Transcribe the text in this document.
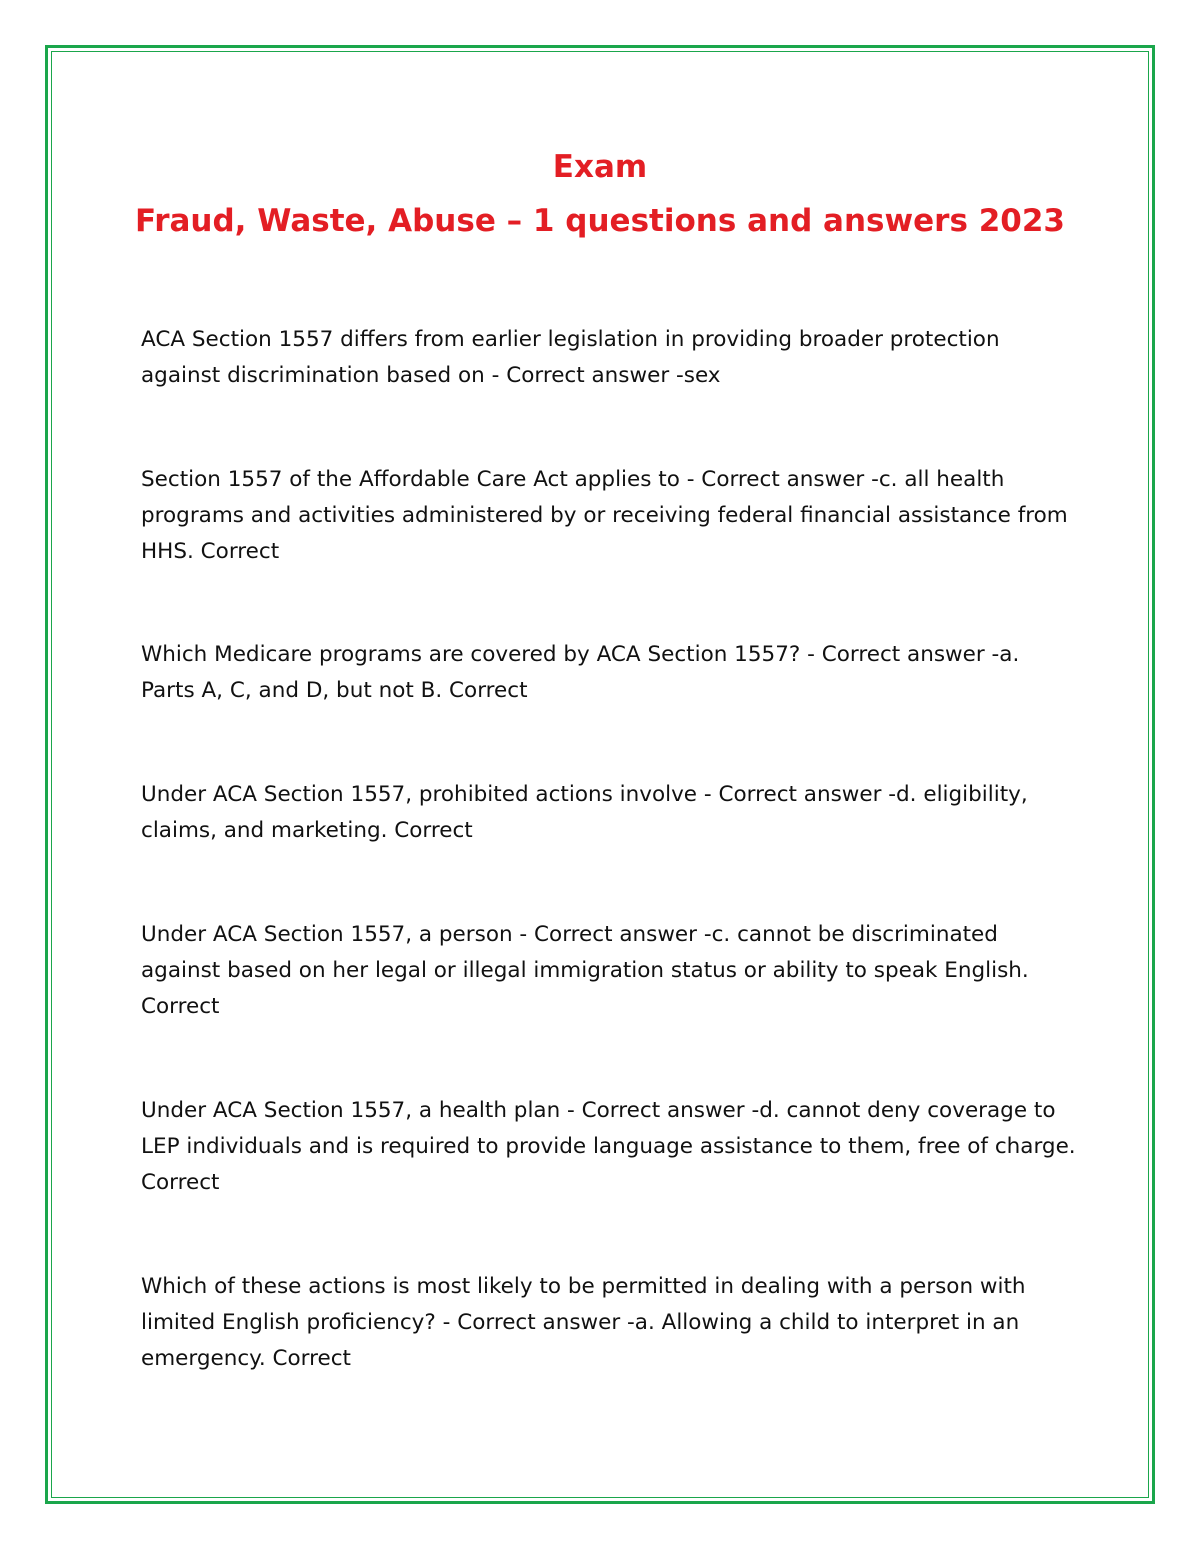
Exam
Fraud, Waste, Abuse – 1 questions and answers 2023

ACA Section 1557 differs from earlier legislation in providing broader protection against discrimination based on - Correct answer -sex

Section 1557 of the Affordable Care Act applies to - Correct answer -c. all health programs and activities administered by or receiving federal financial assistance from HHS. Correct

Which Medicare programs are covered by ACA Section 1557? - Correct answer -a. Parts A, C, and D, but not B. Correct

Under ACA Section 1557, prohibited actions involve - Correct answer -d. eligibility, claims, and marketing. Correct

Under ACA Section 1557, a person - Correct answer -c. cannot be discriminated against based on her legal or illegal immigration status or ability to speak English. Correct

Under ACA Section 1557, a health plan - Correct answer -d. cannot deny coverage to LEP individuals and is required to provide language assistance to them, free of charge. Correct

Which of these actions is most likely to be permitted in dealing with a person with limited English proficiency? - Correct answer -a. Allowing a child to interpret in an emergency. Correct
